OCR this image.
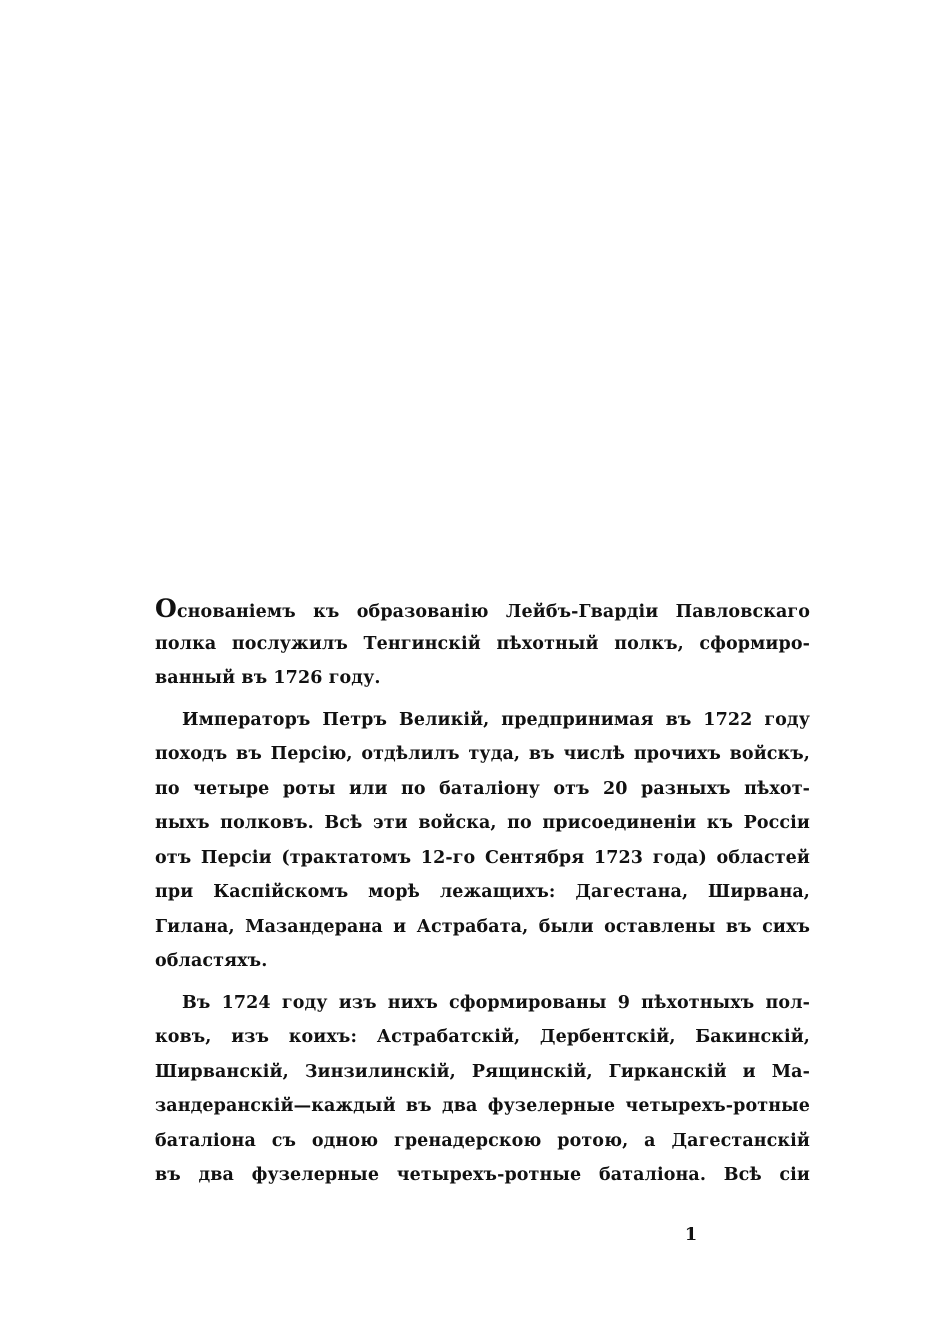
Основаніемъ къ образованію Лейбъ-Гвардіи Павловскаго
полка послужилъ Тенгинскій пѣхотный полкъ, сформиро-
ванный въ 1726 году.
Императоръ Петръ Великій, предпринимая въ 1722 году
походъ въ Персію, отдѣлилъ туда, въ числѣ прочихъ войскъ,
по четыре роты или по баталіону отъ 20 разныхъ пѣхот-
ныхъ полковъ. Всѣ эти войска, по присоединеніи къ Россіи
отъ Персіи (трактатомъ 12-го Сентября 1723 года) областей
при Каспійскомъ морѣ лежащихъ: Дагестана, Ширвана,
Гилана, Мазандерана и Астрабата, были оставлены въ сихъ
областяхъ.
Въ 1724 году изъ нихъ сформированы 9 пѣхотныхъ пол-
ковъ, изъ коихъ: Астрабатскій, Дербентскій, Бакинскій,
Ширванскій, Зинзилинскій, Рящинскій, Гирканскій и Ма-
зандеранскій—каждый въ два фузелерные четырехъ-ротные
баталіона съ одною гренадерскою ротою, а Дагестанскій
въ два фузелерные четырехъ-ротные баталіона. Всѣ сіи
1
